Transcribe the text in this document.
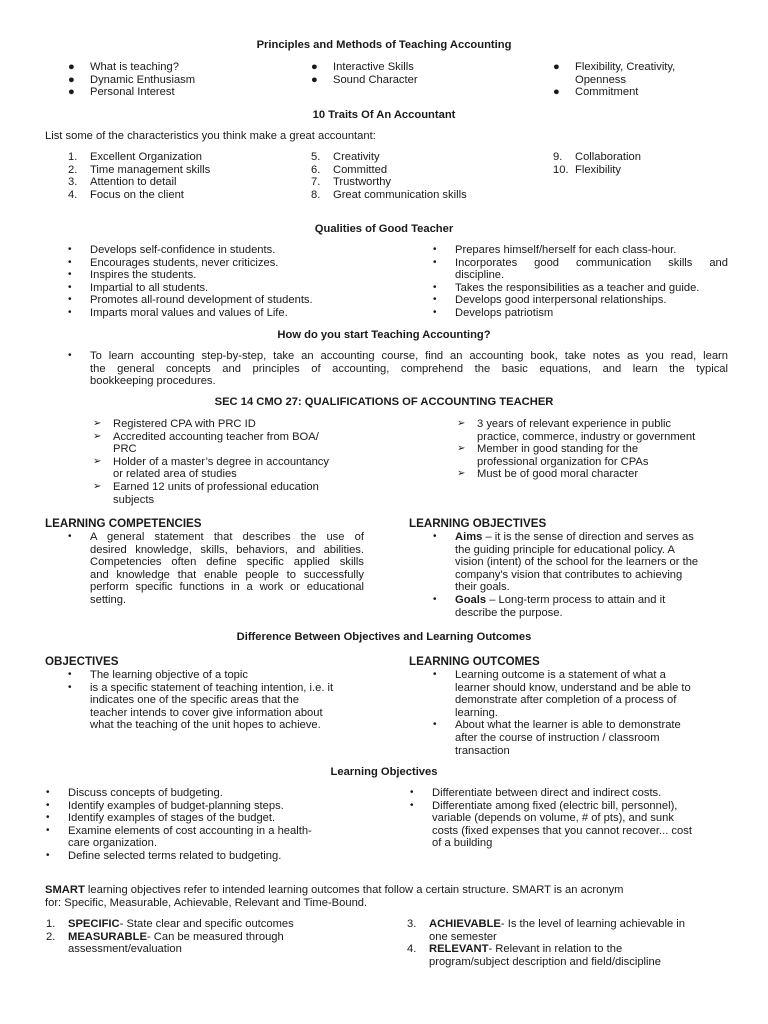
Principles and Methods of Teaching Accounting
● What is teaching?
● Dynamic Enthusiasm
● Personal Interest
● Interactive Skills
● Sound Character
● Flexibility, Creativity,
Openness
● Commitment
10 Traits Of An Accountant
List some of the characteristics you think make a great accountant:
1. Excellent Organization
2. Time management skills
3. Attention to detail
4. Focus on the client
5. Creativity
6. Committed
7. Trustworthy
8. Great communication skills
9. Collaboration
10. Flexibility
Qualities of Good Teacher
• Develops self-confidence in students.
• Encourages students, never criticizes.
• Inspires the students.
• Impartial to all students.
• Promotes all-round development of students.
• Imparts moral values and values of Life.
• Prepares himself/herself for each class-hour.
• Incorporates good communication skills and
discipline.
• Takes the responsibilities as a teacher and guide.
• Develops good interpersonal relationships.
• Develops patriotism
How do you start Teaching Accounting?
• To learn accounting step-by-step, take an accounting course, find an accounting book, take notes as you read, learn
the general concepts and principles of accounting, comprehend the basic equations, and learn the typical
bookkeeping procedures.
SEC 14 CMO 27: QUALIFICATIONS OF ACCOUNTING TEACHER
➢ Registered CPA with PRC ID
➢ Accredited accounting teacher from BOA/
PRC
➢ Holder of a master’s degree in accountancy
or related area of studies
➢ Earned 12 units of professional education
subjects
➢ 3 years of relevant experience in public
practice, commerce, industry or government
➢ Member in good standing for the
professional organization for CPAs
➢ Must be of good moral character
LEARNING COMPETENCIES
• A general statement that describes the use of
desired knowledge, skills, behaviors, and abilities.
Competencies often define specific applied skills
and knowledge that enable people to successfully
perform specific functions in a work or educational
setting.
LEARNING OBJECTIVES
• Aims – it is the sense of direction and serves as
the guiding principle for educational policy. A
vision (intent) of the school for the learners or the
company's vision that contributes to achieving
their goals.
• Goals – Long-term process to attain and it
describe the purpose.
Difference Between Objectives and Learning Outcomes
OBJECTIVES
• The learning objective of a topic
• is a specific statement of teaching intention, i.e. it
indicates one of the specific areas that the
teacher intends to cover give information about
what the teaching of the unit hopes to achieve.
LEARNING OUTCOMES
• Learning outcome is a statement of what a
learner should know, understand and be able to
demonstrate after completion of a process of
learning.
• About what the learner is able to demonstrate
after the course of instruction / classroom
transaction
Learning Objectives
• Discuss concepts of budgeting.
• Identify examples of budget-planning steps.
• Identify examples of stages of the budget.
• Examine elements of cost accounting in a health-
care organization.
• Define selected terms related to budgeting.
• Differentiate between direct and indirect costs.
• Differentiate among fixed (electric bill, personnel),
variable (depends on volume, # of pts), and sunk
costs (fixed expenses that you cannot recover... cost
of a building
SMART learning objectives refer to intended learning outcomes that follow a certain structure. SMART is an acronym
for: Specific, Measurable, Achievable, Relevant and Time-Bound.
1. SPECIFIC- State clear and specific outcomes
2. MEASURABLE- Can be measured through
assessment/evaluation
3. ACHIEVABLE- Is the level of learning achievable in
one semester
4. RELEVANT- Relevant in relation to the
program/subject description and field/discipline
